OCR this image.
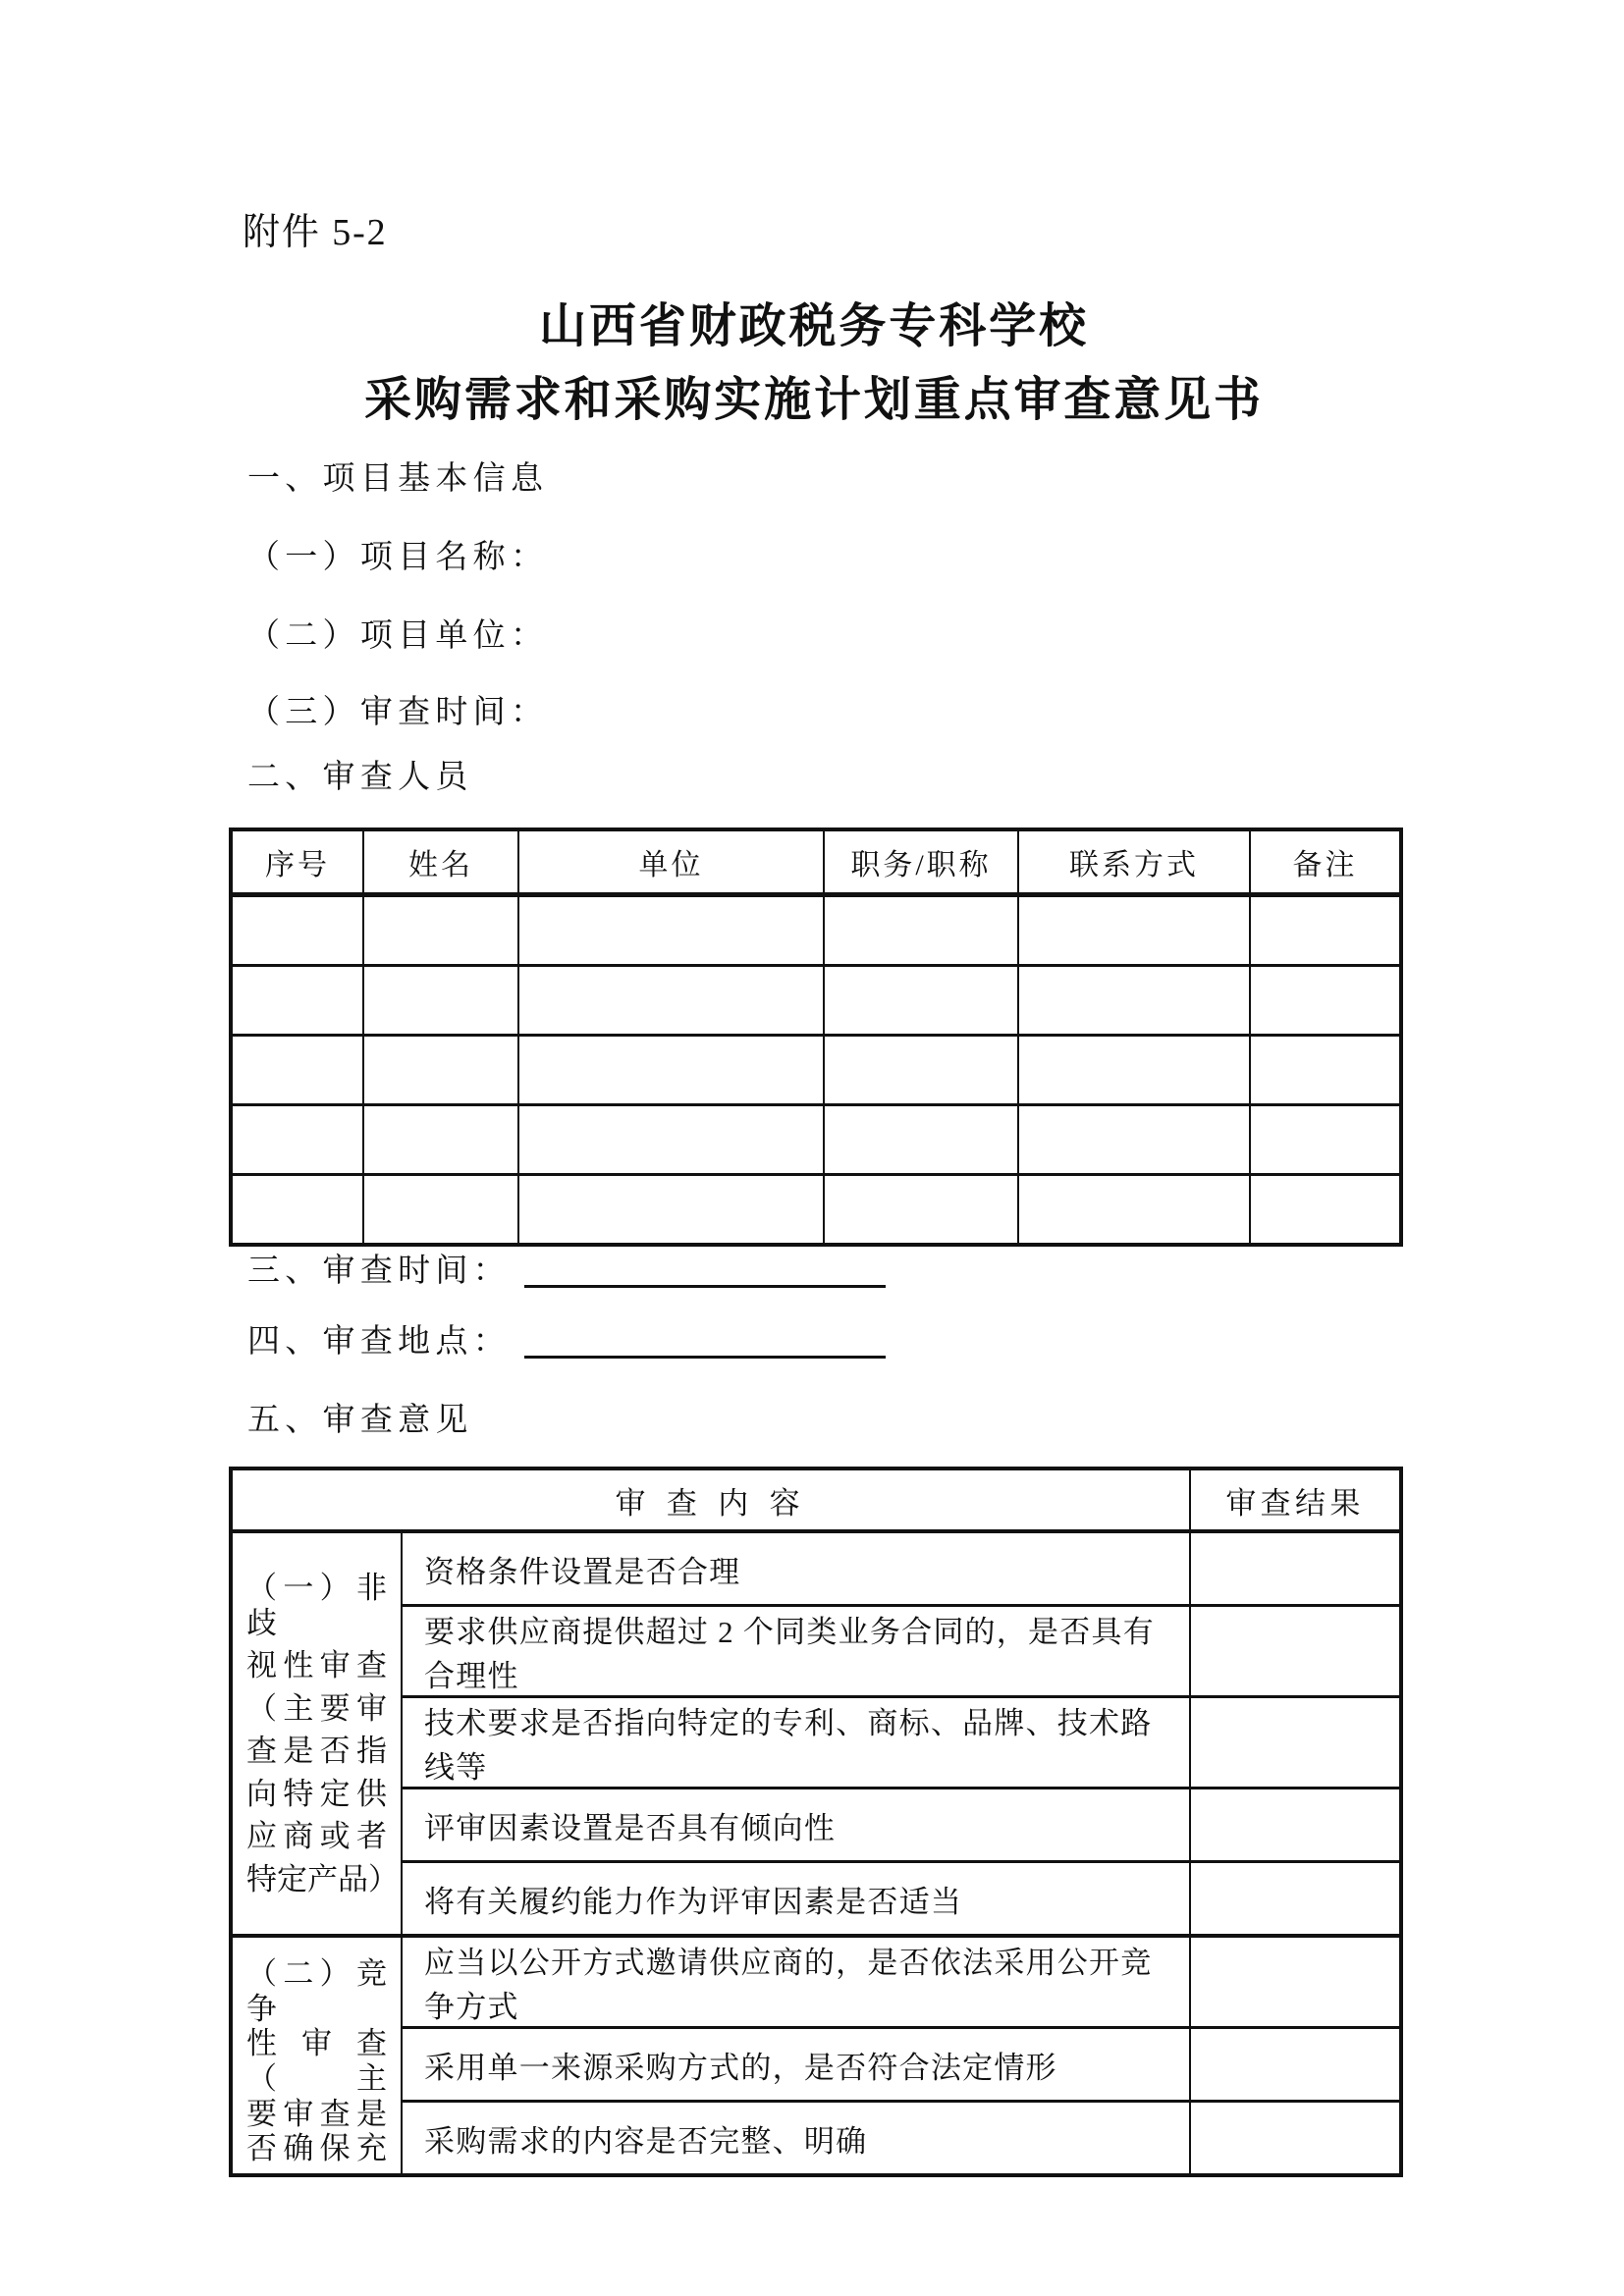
附件 5-2
山西省财政税务专科学校
采购需求和采购实施计划重点审查意见书
一、项目基本信息
（一）项目名称：
（二）项目单位：
（三）审查时间：
二、审查人员
序号	姓名	单位	职务/职称	联系方式	备注

三、审查时间：
四、审查地点：
五、审查意见
审 查 内 容		审查结果

（一）非歧
视性审查
（主要审
查是否指
向特定供
应商或者
特定产品）
	资格条件设置是否合理	
	要求供应商提供超过 2 个同类业务合同的，是否具有合理性	
	技术要求是否指向特定的专利、商标、品牌、技术路线等	
	评审因素设置是否具有倾向性	
	将有关履约能力作为评审因素是否适当	

（二）竞争
性审查（主
要审查是
否确保充	应当以公开方式邀请供应商的，是否依法采用公开竞争方式	
	采用单一来源采购方式的，是否符合法定情形	
	采购需求的内容是否完整、明确	
